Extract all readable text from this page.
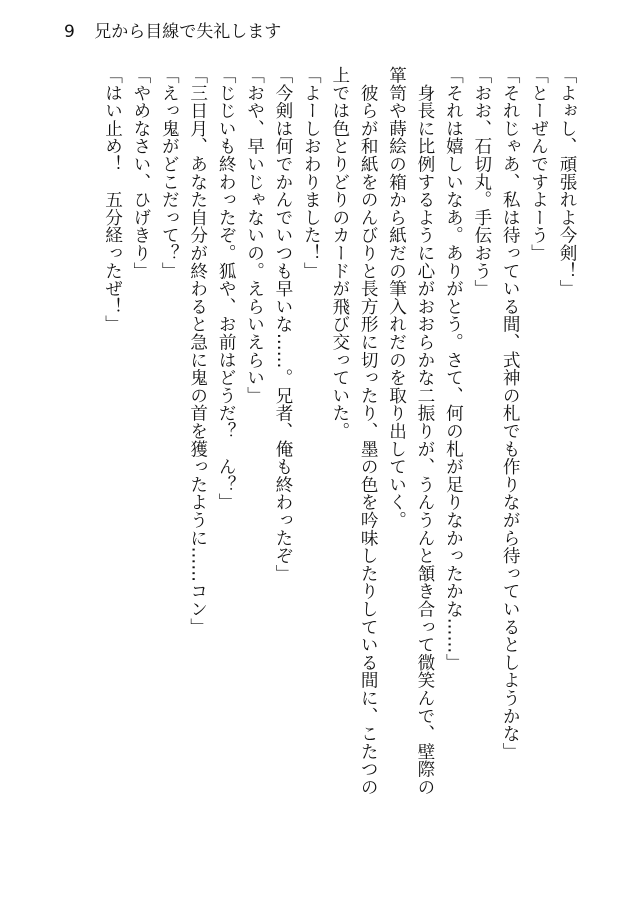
9 兄から目線で失礼します

「よぉし、頑張れよ今剣！」

「とーぜんですよーう」

「それじゃあ、私は待っている間、式神の札でも作りながら待っているとしようかな」

「おお、石切丸。手伝おう」

「それは嬉しいなあ。ありがとう。さて、何の札が足りなかったかな……」

　身長に比例するように心がおおらかな二振りが、うんうんと頷き合って微笑んで、壁際の

箪笥や蒔絵の箱から紙だの筆入れだのを取り出していく。

　彼らが和紙をのんびりと長方形に切ったり、墨の色を吟味したりしている間に、こたつの

上では色とりどりのカードが飛び交っていた。

「よーしおわりました！」

「今剣は何でかんでいつも早いな……。兄者、俺も終わったぞ」

「おや、早いじゃないの。えらいえらい」

「じじいも終わったぞ。狐や、お前はどうだ？　ん？」

「三日月、あなた自分が終わると急に鬼の首を獲ったように……コン」

「えっ鬼がどこだって？」

「やめなさい、ひげきり」

「はい止め！　五分経ったぜ！」
